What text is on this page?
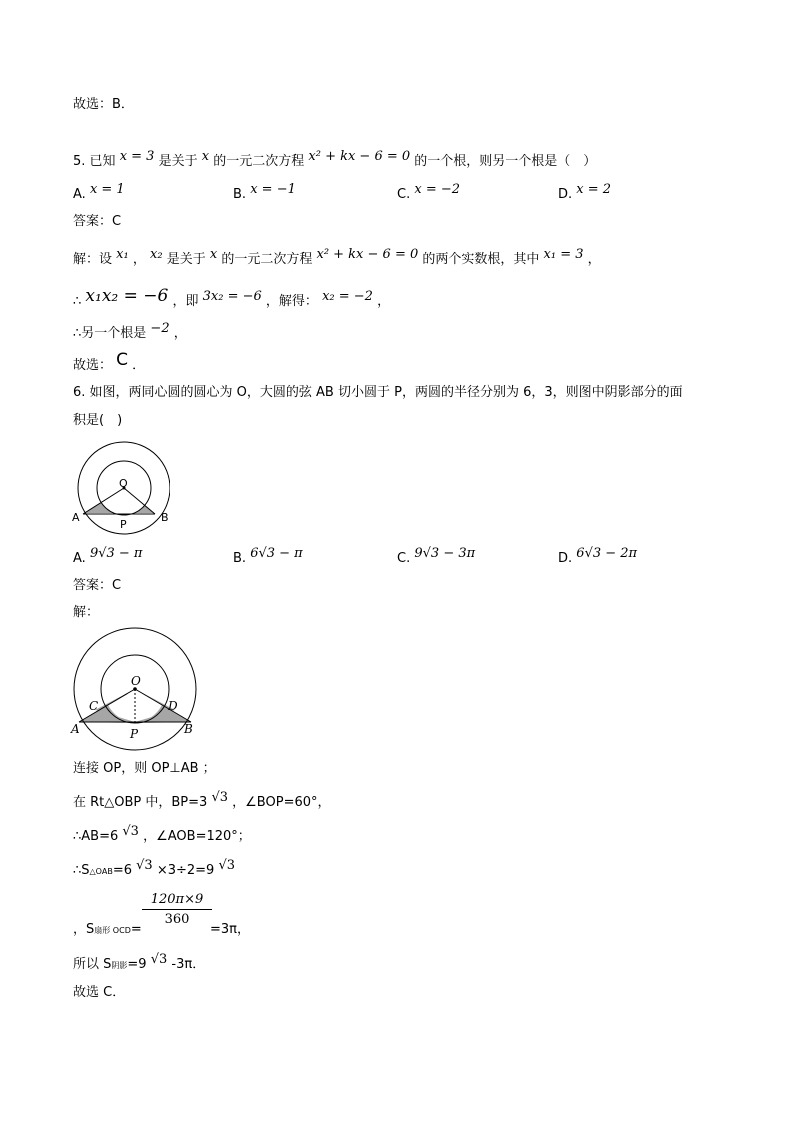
故选：B．
5. 已知 x = 3 是关于 x 的一元二次方程 x² + kx − 6 = 0 的一个根，则另一个根是（　）
A. x = 1	B. x = −1	C. x = −2	D. x = 2
答案：C
解：设 x₁ ， x₂ 是关于 x 的一元二次方程 x² + kx − 6 = 0 的两个实数根，其中 x₁ = 3 ，
∴ x₁x₂ = −6 ，即 3x₂ = −6 ，解得： x₂ = −2 ，
∴另一个根是 −2 ，
故选： C ．
6. 如图，两同心圆的圆心为 O，大圆的弦 AB 切小圆于 P，两圆的半径分别为 6，3，则图中阴影部分的面
积是(　)
O
A	B
P
A. 9√3 − π	B. 6√3 − π	C. 9√3 − 3π	D. 6√3 − 2π
答案：C
解：
O
C	D
A	B
P
连接 OP，则 OP⊥AB ；
在 Rt△OBP 中，BP=3 √3 ，∠BOP=60°，
∴AB=6 √3 ，∠AOB=120°；
∴S△OAB=6 √3 ×3÷2=9 √3
120π×9
360
，S扇形 OCD=	=3π，
所以 S阴影=9 √3 -3π．
故选 C．
